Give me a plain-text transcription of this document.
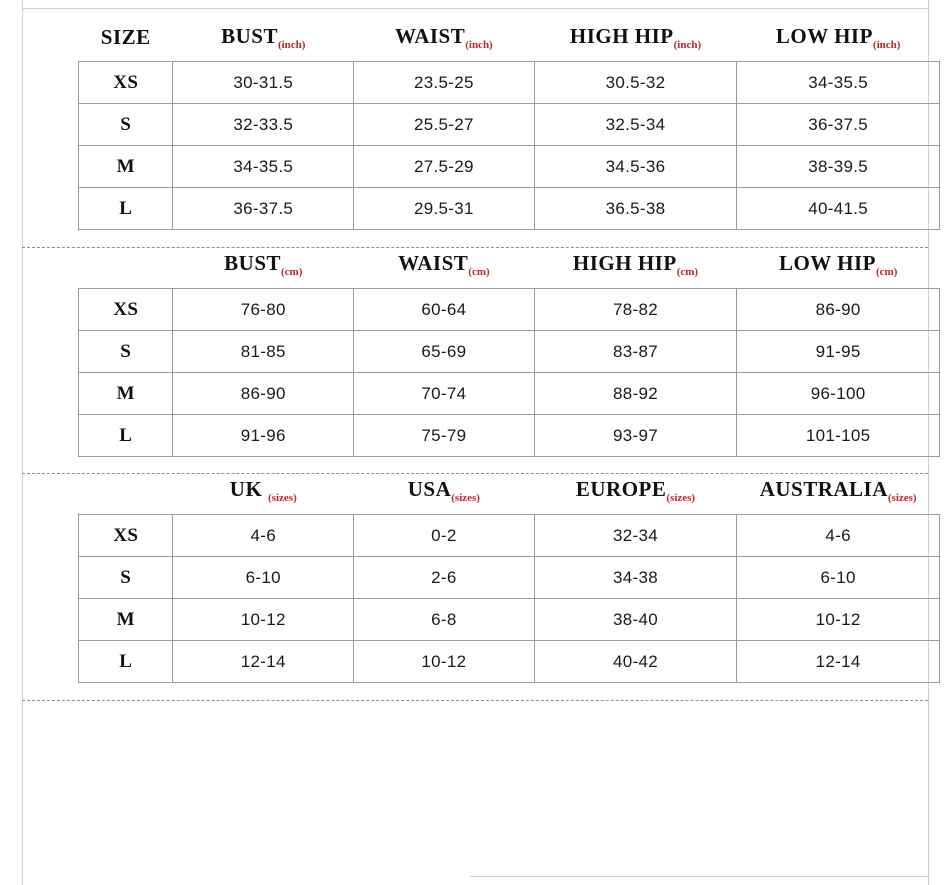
SIZE	$BUST_{(inch)}$	$WAIST_{(inch)}$	HIGH $HIP_{(inch)}$	LOW $HIP_{(inch)}$
XS	30-31.5	23.5-25	30.5-32	34-35.5
S	32-33.5	25.5-27	32.5-34	36-37.5
M	34-35.5	27.5-29	34.5-36	38-39.5
L	36-37.5	29.5-31	36.5-38	40-41.5
	$BUST_{(cm)}$	$WAIST_{(cm)}$	HIGH $HIP_{(cm)}$	LOW $HIP_{(cm)}$
XS	76-80	60-64	78-82	86-90
S	81-85	65-69	83-87	91-95
M	86-90	70-74	88-92	96-100
L	91-96	75-79	93-97	101-105
	UK $_{(sizes)}$	$USA_{(sizes)}$	$EUROPE_{(sizes)}$	$AUSTRALIA_{(sizes)}$
XS	4-6	0-2	32-34	4-6
S	6-10	2-6	34-38	6-10
M	10-12	6-8	38-40	10-12
L	12-14	10-12	40-42	12-14
